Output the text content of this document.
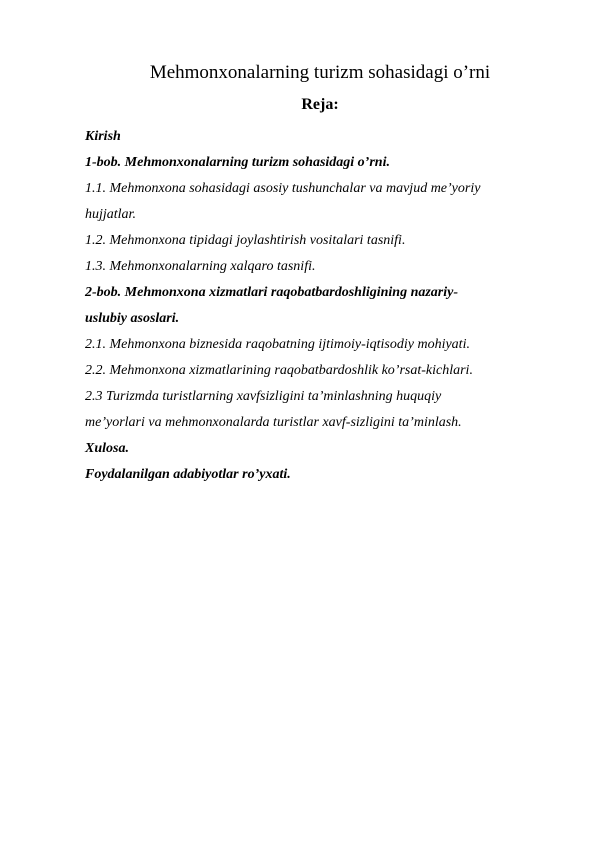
Mehmonxonalarning turizm sohasidagi o’rni
Reja:
Kirish
1-bob. Mehmonxonalarning turizm sohasidagi o’rni.
1.1. Mehmonxona sohasidagi asosiy tushunchalar va mavjud me’yoriy
hujjatlar.
1.2. Mehmonxona tipidagi joylashtirish vositalari tasnifi.
1.3. Mehmonxonalarning xalqaro tasnifi.
2-bob. Mehmonxona xizmatlari raqobatbardoshligining nazariy-
uslubiy asoslari.
2.1. Mehmonxona biznesida raqobatning ijtimoiy-iqtisodiy mohiyati.
2.2. Mehmonxona xizmatlarining raqobatbardoshlik ko’rsat-kichlari.
2.3 Turizmda turistlarning xavfsizligini ta’minlashning huquqiy
me’yorlari va mehmonxonalarda turistlar xavf-sizligini ta’minlash.
Xulosa.
Foydalanilgan adabiyotlar ro’yxati.
